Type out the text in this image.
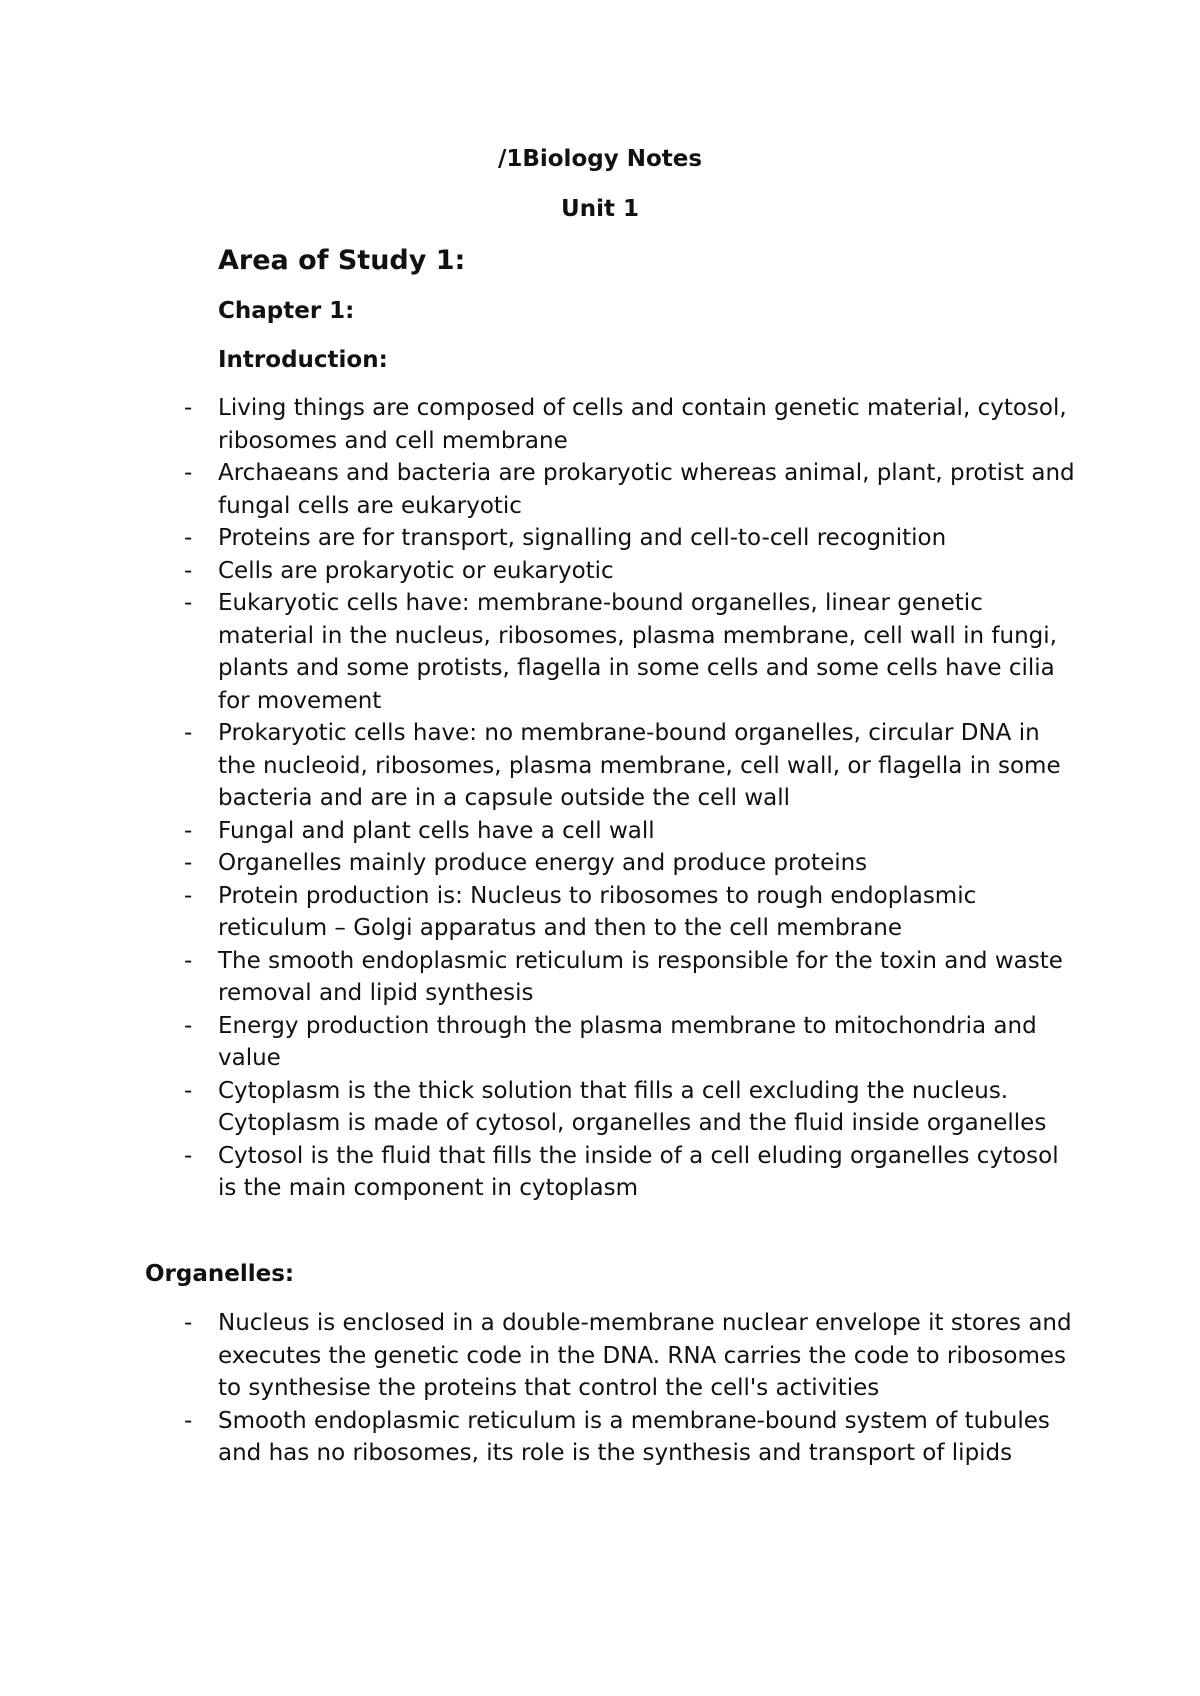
/1Biology Notes
Unit 1
Area of Study 1:
Chapter 1:
Introduction:
- Living things are composed of cells and contain genetic material, cytosol, ribosomes and cell membrane
- Archaeans and bacteria are prokaryotic whereas animal, plant, protist and fungal cells are eukaryotic
- Proteins are for transport, signalling and cell-to-cell recognition
- Cells are prokaryotic or eukaryotic
- Eukaryotic cells have: membrane-bound organelles, linear genetic material in the nucleus, ribosomes, plasma membrane, cell wall in fungi, plants and some protists, flagella in some cells and some cells have cilia for movement
- Prokaryotic cells have: no membrane-bound organelles, circular DNA in the nucleoid, ribosomes, plasma membrane, cell wall, or flagella in some bacteria and are in a capsule outside the cell wall
- Fungal and plant cells have a cell wall
- Organelles mainly produce energy and produce proteins
- Protein production is: Nucleus to ribosomes to rough endoplasmic reticulum – Golgi apparatus and then to the cell membrane
- The smooth endoplasmic reticulum is responsible for the toxin and waste removal and lipid synthesis
- Energy production through the plasma membrane to mitochondria and value
- Cytoplasm is the thick solution that fills a cell excluding the nucleus. Cytoplasm is made of cytosol, organelles and the fluid inside organelles
- Cytosol is the fluid that fills the inside of a cell eluding organelles cytosol is the main component in cytoplasm
Organelles:
- Nucleus is enclosed in a double-membrane nuclear envelope it stores and executes the genetic code in the DNA. RNA carries the code to ribosomes to synthesise the proteins that control the cell's activities
- Smooth endoplasmic reticulum is a membrane-bound system of tubules and has no ribosomes, its role is the synthesis and transport of lipids
